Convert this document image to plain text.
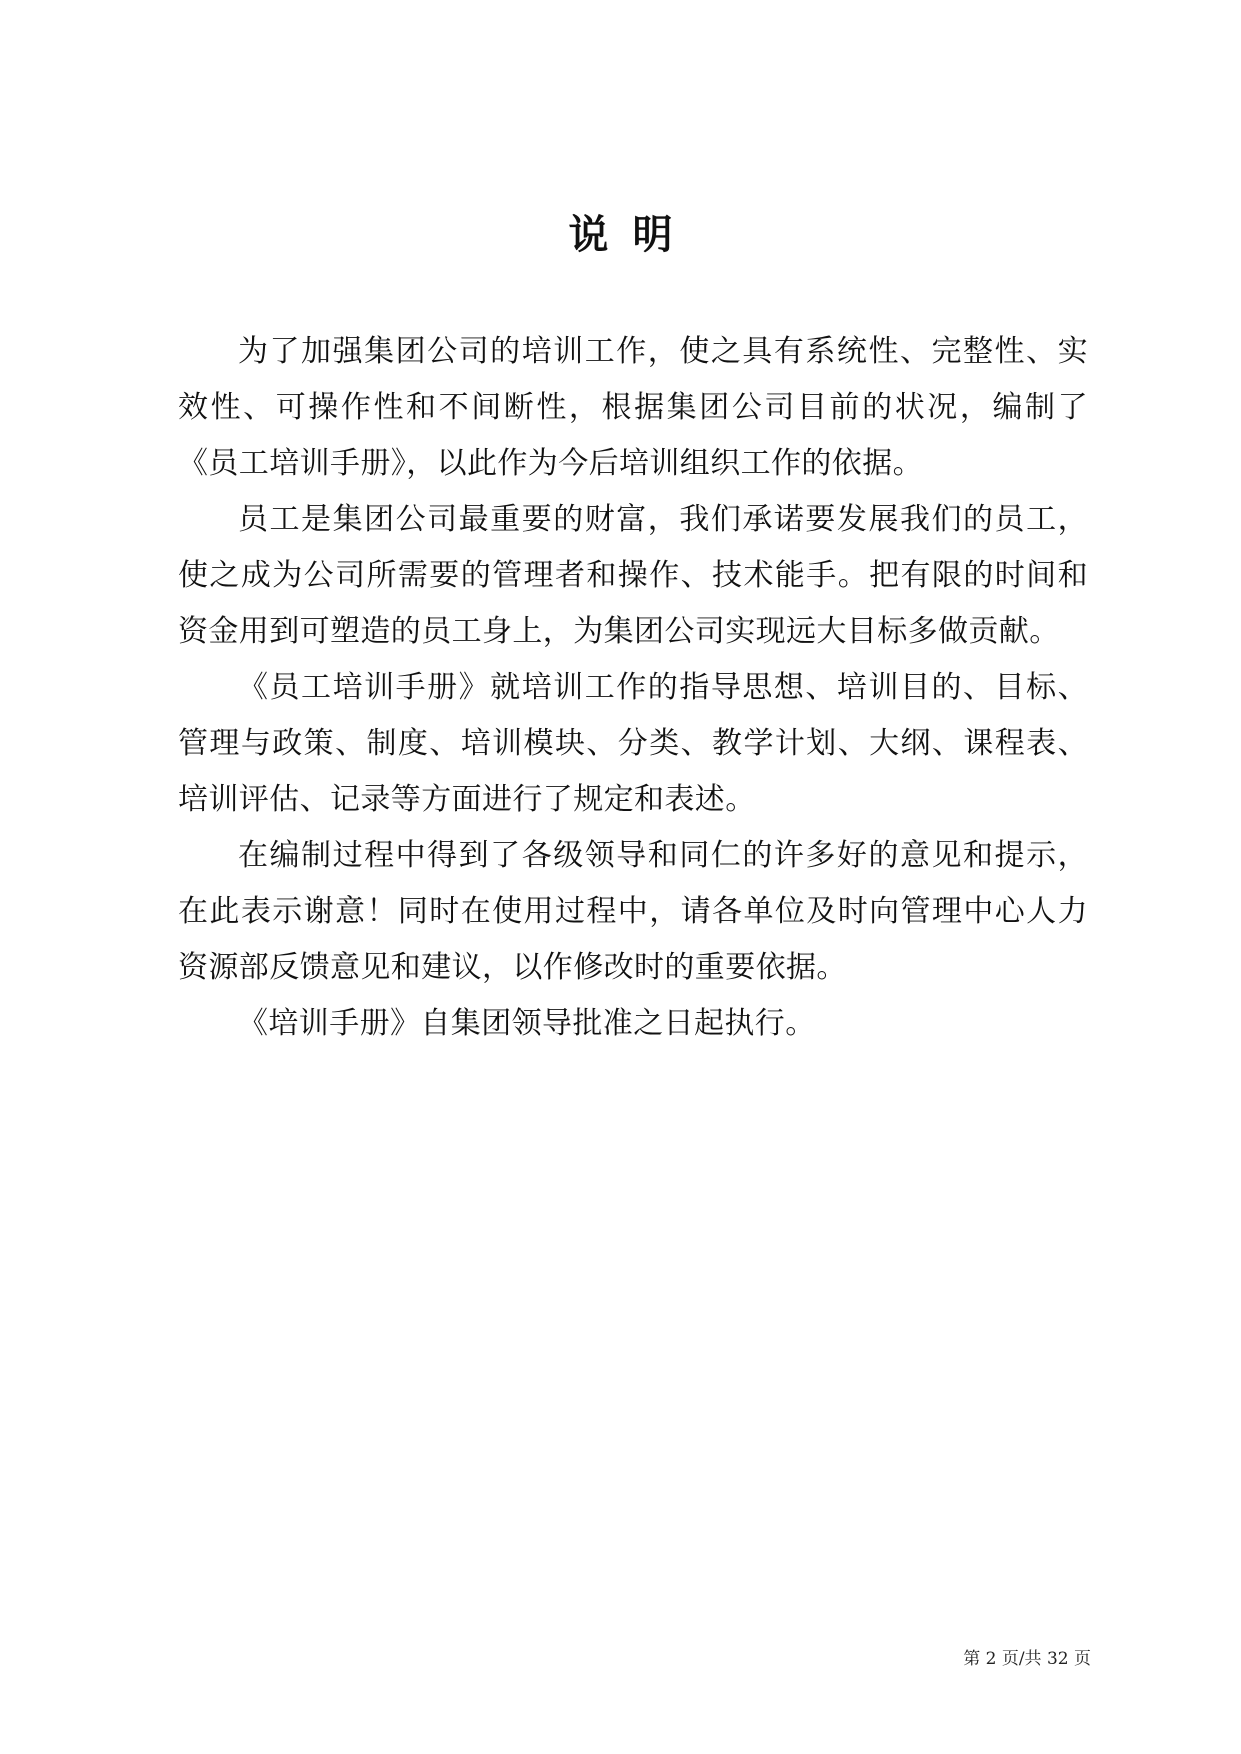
说明

为了加强集团公司的培训工作，使之具有系统性、完整性、实效性、可操作性和不间断性，根据集团公司目前的状况，编制了《员工培训手册》，以此作为今后培训组织工作的依据。

员工是集团公司最重要的财富，我们承诺要发展我们的员工，使之成为公司所需要的管理者和操作、技术能手。把有限的时间和资金用到可塑造的员工身上，为集团公司实现远大目标多做贡献。

《员工培训手册》就培训工作的指导思想、培训目的、目标、管理与政策、制度、培训模块、分类、教学计划、大纲、课程表、培训评估、记录等方面进行了规定和表述。

在编制过程中得到了各级领导和同仁的许多好的意见和提示，在此表示谢意！同时在使用过程中，请各单位及时向管理中心人力资源部反馈意见和建议，以作修改时的重要依据。

《培训手册》自集团领导批准之日起执行。

第 2 页/共 32 页
